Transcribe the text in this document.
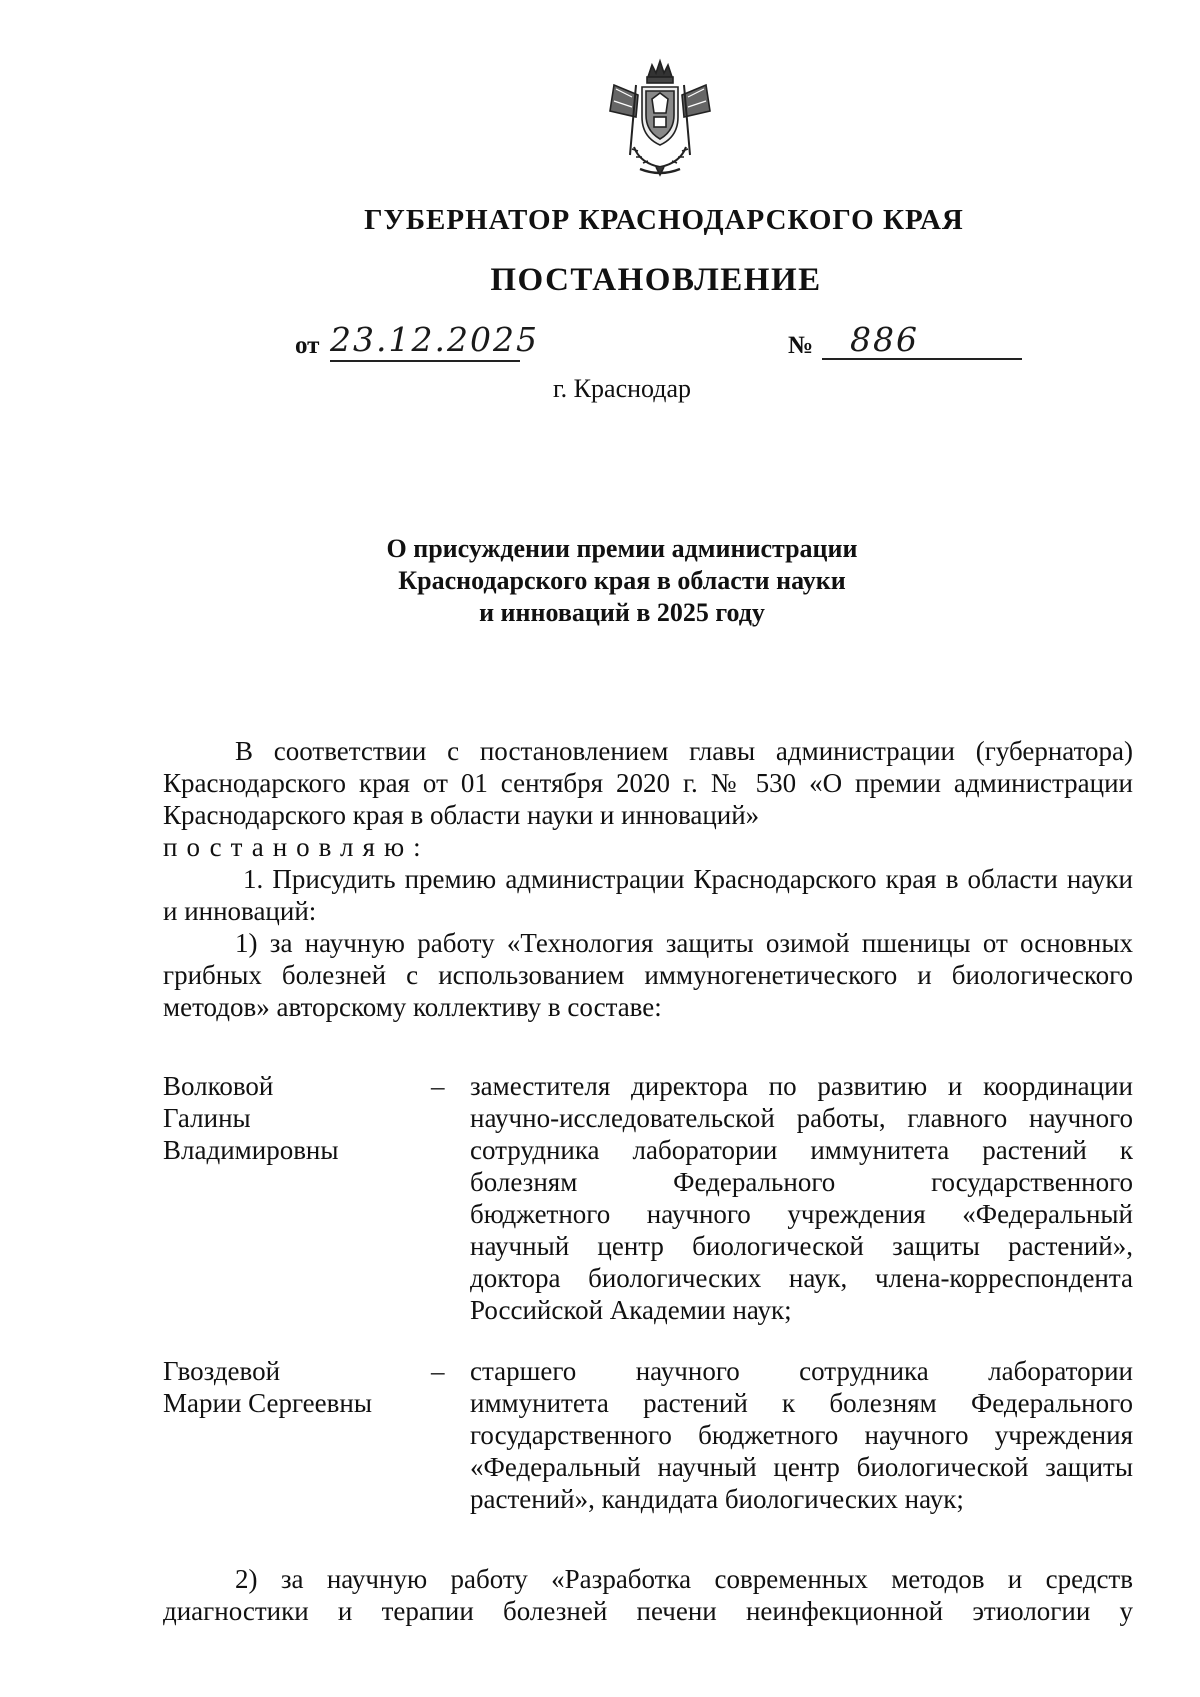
ГУБЕРНАТОР КРАСНОДАРСКОГО КРАЯ
ПОСТАНОВЛЕНИЕ
от 23.12.2025	№	886
г. Краснодар
О присуждении премии администрации
Краснодарского края в области науки
и инноваций в 2025 году

В соответствии с постановлением главы администрации (губернатора) Краснодарского края от 01 сентября 2020 г. № 530 «О премии администрации Краснодарского края в области науки и инноваций»

постановляю:

1. Присудить премию администрации Краснодарского края в области науки и инноваций:

1) за научную работу «Технология защиты озимой пшеницы от основных грибных болезней с использованием иммуногенетического и биологического методов» авторскому коллективу в составе:

Волковой
Галины
Владимировны
– заместителя директора по развитию и координации
научно-исследовательской работы, главного научного
сотрудника лаборатории иммунитета растений к
болезням Федерального государственного
бюджетного научного учреждения «Федеральный
научный центр биологической защиты растений»,
доктора биологических наук, члена-корреспондента
Российской Академии наук;
Гвоздевой
Марии Сергеевны
– старшего научного сотрудника лаборатории
иммунитета растений к болезням Федерального
государственного бюджетного научного учреждения
«Федеральный научный центр биологической защиты
растений», кандидата биологических наук;

2) за научную работу «Разработка современных методов и средств диагностики и терапии болезней печени неинфекционной этиологии у
